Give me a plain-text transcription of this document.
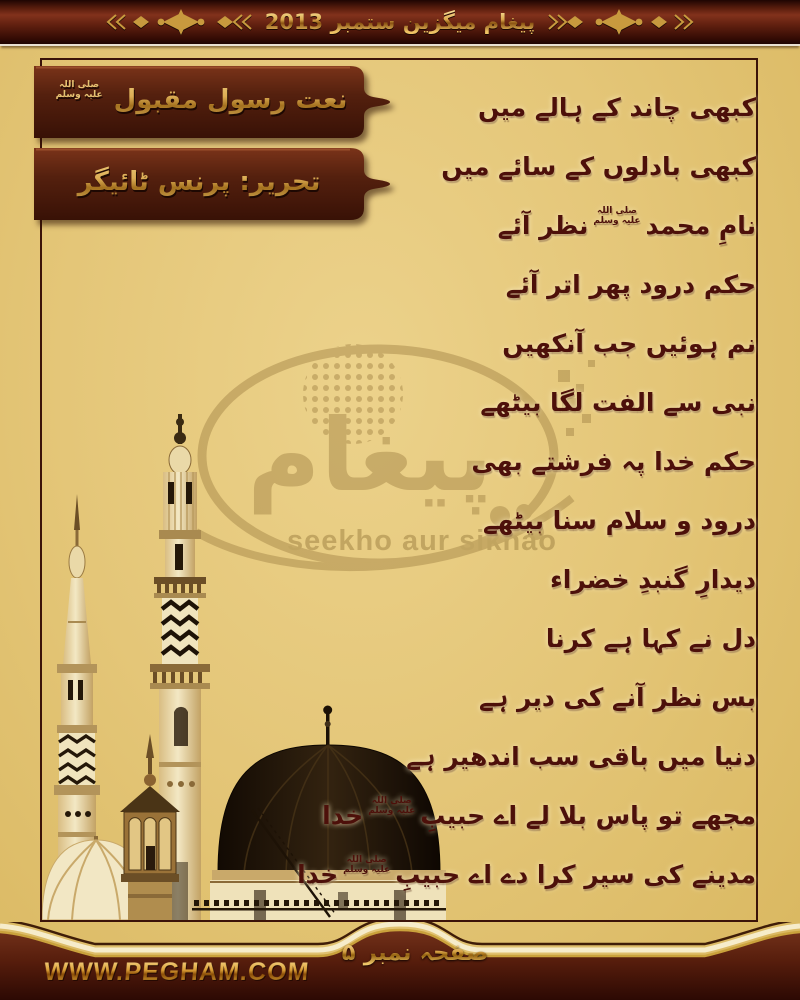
پیغام میگزین ستمبر 2013
پیغام
seekho aur sikhao
نعت رسول مقبول
صلی اللہ
علیہ وسلم
تحریر: پرنس ٹائیگر
کبھی چاند کے ہالے میں
کبھی بادلوں کے سائے میں
نامِ محمد
صلی اللہ
علیہ وسلم
نظر آئے
حکم درود پھر اتر آئے
نم ہوئیں جب آنکھیں
نبی سے الفت لگا بیٹھے
حکم خدا پہ فرشتے بھی
درود و سلام سنا بیٹھے
دیدارِ گنبدِ خضراء
دل نے کہا ہے کرنا
بس نظر آنے کی دیر ہے
دنیا میں باقی سب اندھیر ہے
مجھے تو پاس بلا لے اے حبیبِ
صلی اللہ
علیہ وسلم
خدا
مدینے کی سیر کرا دے اے حبیبِ
صلی اللہ
علیہ وسلم
خدا
WWW.PEGHAM.COM
صفحہ نمبر ۵
